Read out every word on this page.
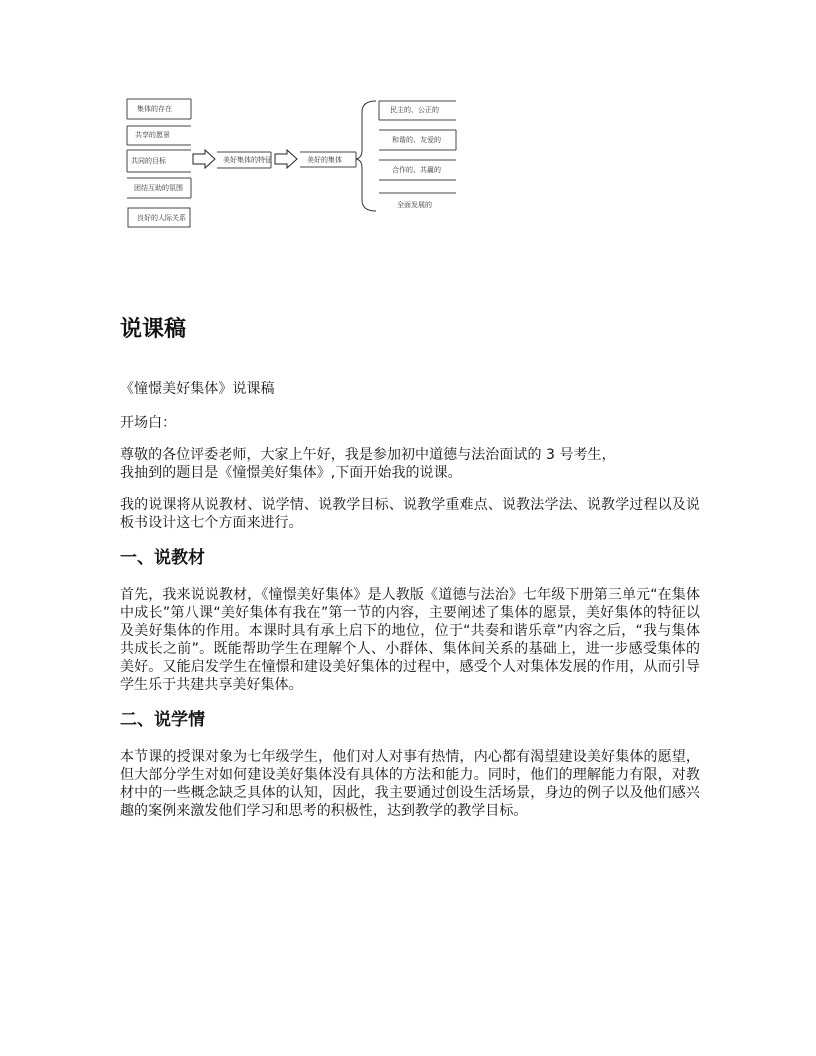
集体的存在
共享的愿景
共同的目标
团结互助的氛围
良好的人际关系
美好集体的特征	美好的集体
民主的、公正的
和谐的、友爱的
合作的、共赢的
全面发展的
说课稿

《憧憬美好集体》说课稿

开场白：

尊敬的各位评委老师，大家上午好，我是参加初中道德与法治面试的 3 号考生，
我抽到的题目是《憧憬美好集体》,下面开始我的说课。

我的说课将从说教材、说学情、说教学目标、说教学重难点、说教法学法、说教学过程以及说板书设计这七个方面来进行。

一、说教材

首先，我来说说教材，《憧憬美好集体》是人教版《道德与法治》七年级下册第三单元“在集体中成长”第八课“美好集体有我在”第一节的内容，主要阐述了集体的愿景，美好集体的特征以及美好集体的作用。本课时具有承上启下的地位，位于“共奏和谐乐章”内容之后，“我与集体共成长之前”。既能帮助学生在理解个人、小群体、集体间关系的基础上，进一步感受集体的美好。又能启发学生在憧憬和建设美好集体的过程中，感受个人对集体发展的作用，从而引导学生乐于共建共享美好集体。

二、说学情

本节课的授课对象为七年级学生，他们对人对事有热情，内心都有渴望建设美好集体的愿望，但大部分学生对如何建设美好集体没有具体的方法和能力。同时，他们的理解能力有限，对教材中的一些概念缺乏具体的认知，因此，我主要通过创设生活场景，身边的例子以及他们感兴趣的案例来激发他们学习和思考的积极性，达到教学的教学目标。
